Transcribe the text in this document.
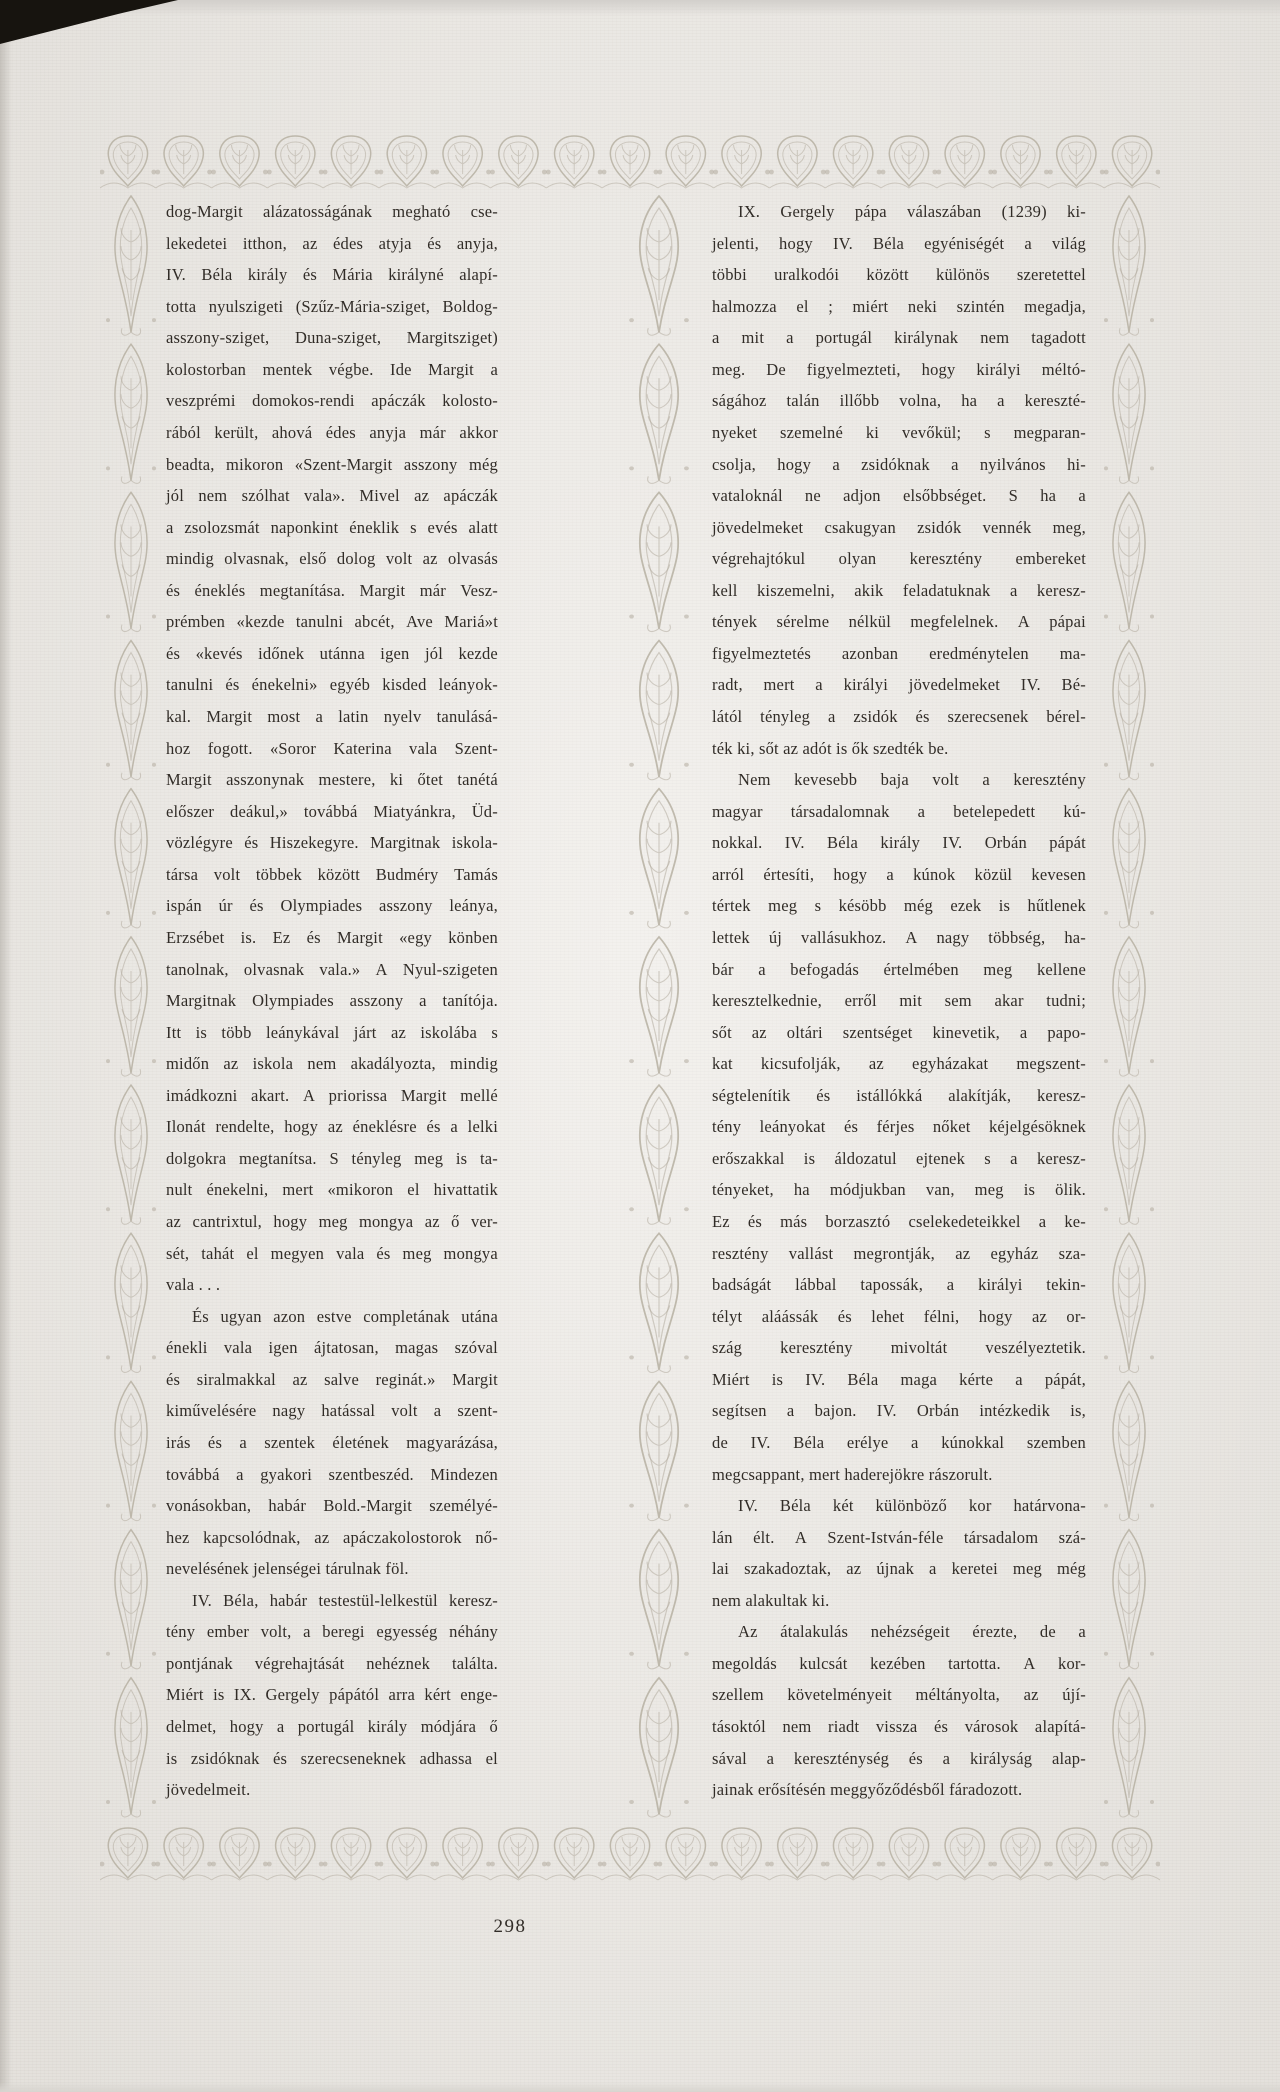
dog-Margit alázatosságának megható cse-
lekedetei itthon, az édes atyja és anyja,
IV. Béla király és Mária királyné alapí-
totta nyulszigeti (Szűz-Mária-sziget, Boldog-
asszony-sziget, Duna-sziget, Margitsziget)
kolostorban mentek végbe. Ide Margit a
veszprémi domokos-rendi apáczák kolosto-
rából került, ahová édes anyja már akkor
beadta, mikoron «Szent-Margit asszony még
jól nem szólhat vala». Mivel az apáczák
a zsolozsmát naponkint éneklik s evés alatt
mindig olvasnak, első dolog volt az olvasás
és éneklés megtanítása. Margit már Vesz-
prémben «kezde tanulni abcét, Ave Mariá»t
és «kevés időnek utánna igen jól kezde
tanulni és énekelni» egyéb kisded leányok-
kal. Margit most a latin nyelv tanulásá-
hoz fogott. «Soror Katerina vala Szent-
Margit asszonynak mestere, ki őtet tanétá
előszer deákul,» továbbá Miatyánkra, Üd-
vözlégyre és Hiszekegyre. Margitnak iskola-
társa volt többek között Budméry Tamás
ispán úr és Olympiades asszony leánya,
Erzsébet is. Ez és Margit «egy könben
tanolnak, olvasnak vala.» A Nyul-szigeten
Margitnak Olympiades asszony a tanítója.
Itt is több leánykával járt az iskolába s
midőn az iskola nem akadályozta, mindig
imádkozni akart. A priorissa Margit mellé
Ilonát rendelte, hogy az éneklésre és a lelki
dolgokra megtanítsa. S tényleg meg is ta-
nult énekelni, mert «mikoron el hivattatik
az cantrixtul, hogy meg mongya az ő ver-
sét, tahát el megyen vala és meg mongya
vala . . .
És ugyan azon estve completának utána
énekli vala igen ájtatosan, magas szóval
és siralmakkal az salve reginát.» Margit
kiművelésére nagy hatással volt a szent-
irás és a szentek életének magyarázása,
továbbá a gyakori szentbeszéd. Mindezen
vonásokban, habár Bold.-Margit személyé-
hez kapcsolódnak, az apáczakolostorok nő-
nevelésének jelenségei tárulnak föl.
IV. Béla, habár testestül-lelkestül keresz-
tény ember volt, a beregi egyesség néhány
pontjának végrehajtását nehéznek találta.
Miért is IX. Gergely pápától arra kért enge-
delmet, hogy a portugál király módjára ő
is zsidóknak és szerecseneknek adhassa el
jövedelmeit.
IX. Gergely pápa válaszában (1239) ki-
jelenti, hogy IV. Béla egyéniségét a világ
többi uralkodói között különös szeretettel
halmozza el ; miért neki szintén megadja,
a mit a portugál királynak nem tagadott
meg. De figyelmezteti, hogy királyi méltó-
ságához talán illőbb volna, ha a kereszté-
nyeket szemelné ki vevőkül; s megparan-
csolja, hogy a zsidóknak a nyilvános hi-
vataloknál ne adjon elsőbbséget. S ha a
jövedelmeket csakugyan zsidók vennék meg,
végrehajtókul olyan keresztény embereket
kell kiszemelni, akik feladatuknak a keresz-
tények sérelme nélkül megfelelnek. A pápai
figyelmeztetés azonban eredménytelen ma-
radt, mert a királyi jövedelmeket IV. Bé-
lától tényleg a zsidók és szerecsenek bérel-
ték ki, sőt az adót is ők szedték be.
Nem kevesebb baja volt a keresztény
magyar társadalomnak a betelepedett kú-
nokkal. IV. Béla király IV. Orbán pápát
arról értesíti, hogy a kúnok közül kevesen
tértek meg s késöbb még ezek is hűtlenek
lettek új vallásukhoz. A nagy többség, ha-
bár a befogadás értelmében meg kellene
keresztelkednie, erről mit sem akar tudni;
sőt az oltári szentséget kinevetik, a papo-
kat kicsufolják, az egyházakat megszent-
ségtelenítik és istállókká alakítják, keresz-
tény leányokat és férjes nőket kéjelgésöknek
erőszakkal is áldozatul ejtenek s a keresz-
tényeket, ha módjukban van, meg is ölik.
Ez és más borzasztó cselekedeteikkel a ke-
resztény vallást megrontják, az egyház sza-
badságát lábbal tapossák, a királyi tekin-
télyt aláássák és lehet félni, hogy az or-
szág keresztény mivoltát veszélyeztetik.
Miért is IV. Béla maga kérte a pápát,
segítsen a bajon. IV. Orbán intézkedik is,
de IV. Béla erélye a kúnokkal szemben
megcsappant, mert haderejökre rászorult.
IV. Béla két különböző kor határvona-
lán élt. A Szent-István-féle társadalom szá-
lai szakadoztak, az újnak a keretei meg még
nem alakultak ki.
Az átalakulás nehézségeit érezte, de a
megoldás kulcsát kezében tartotta. A kor-
szellem követelményeit méltányolta, az újí-
tásoktól nem riadt vissza és városok alapítá-
sával a kereszténység és a királyság alap-
jainak erősítésén meggyőződésből fáradozott.
298
